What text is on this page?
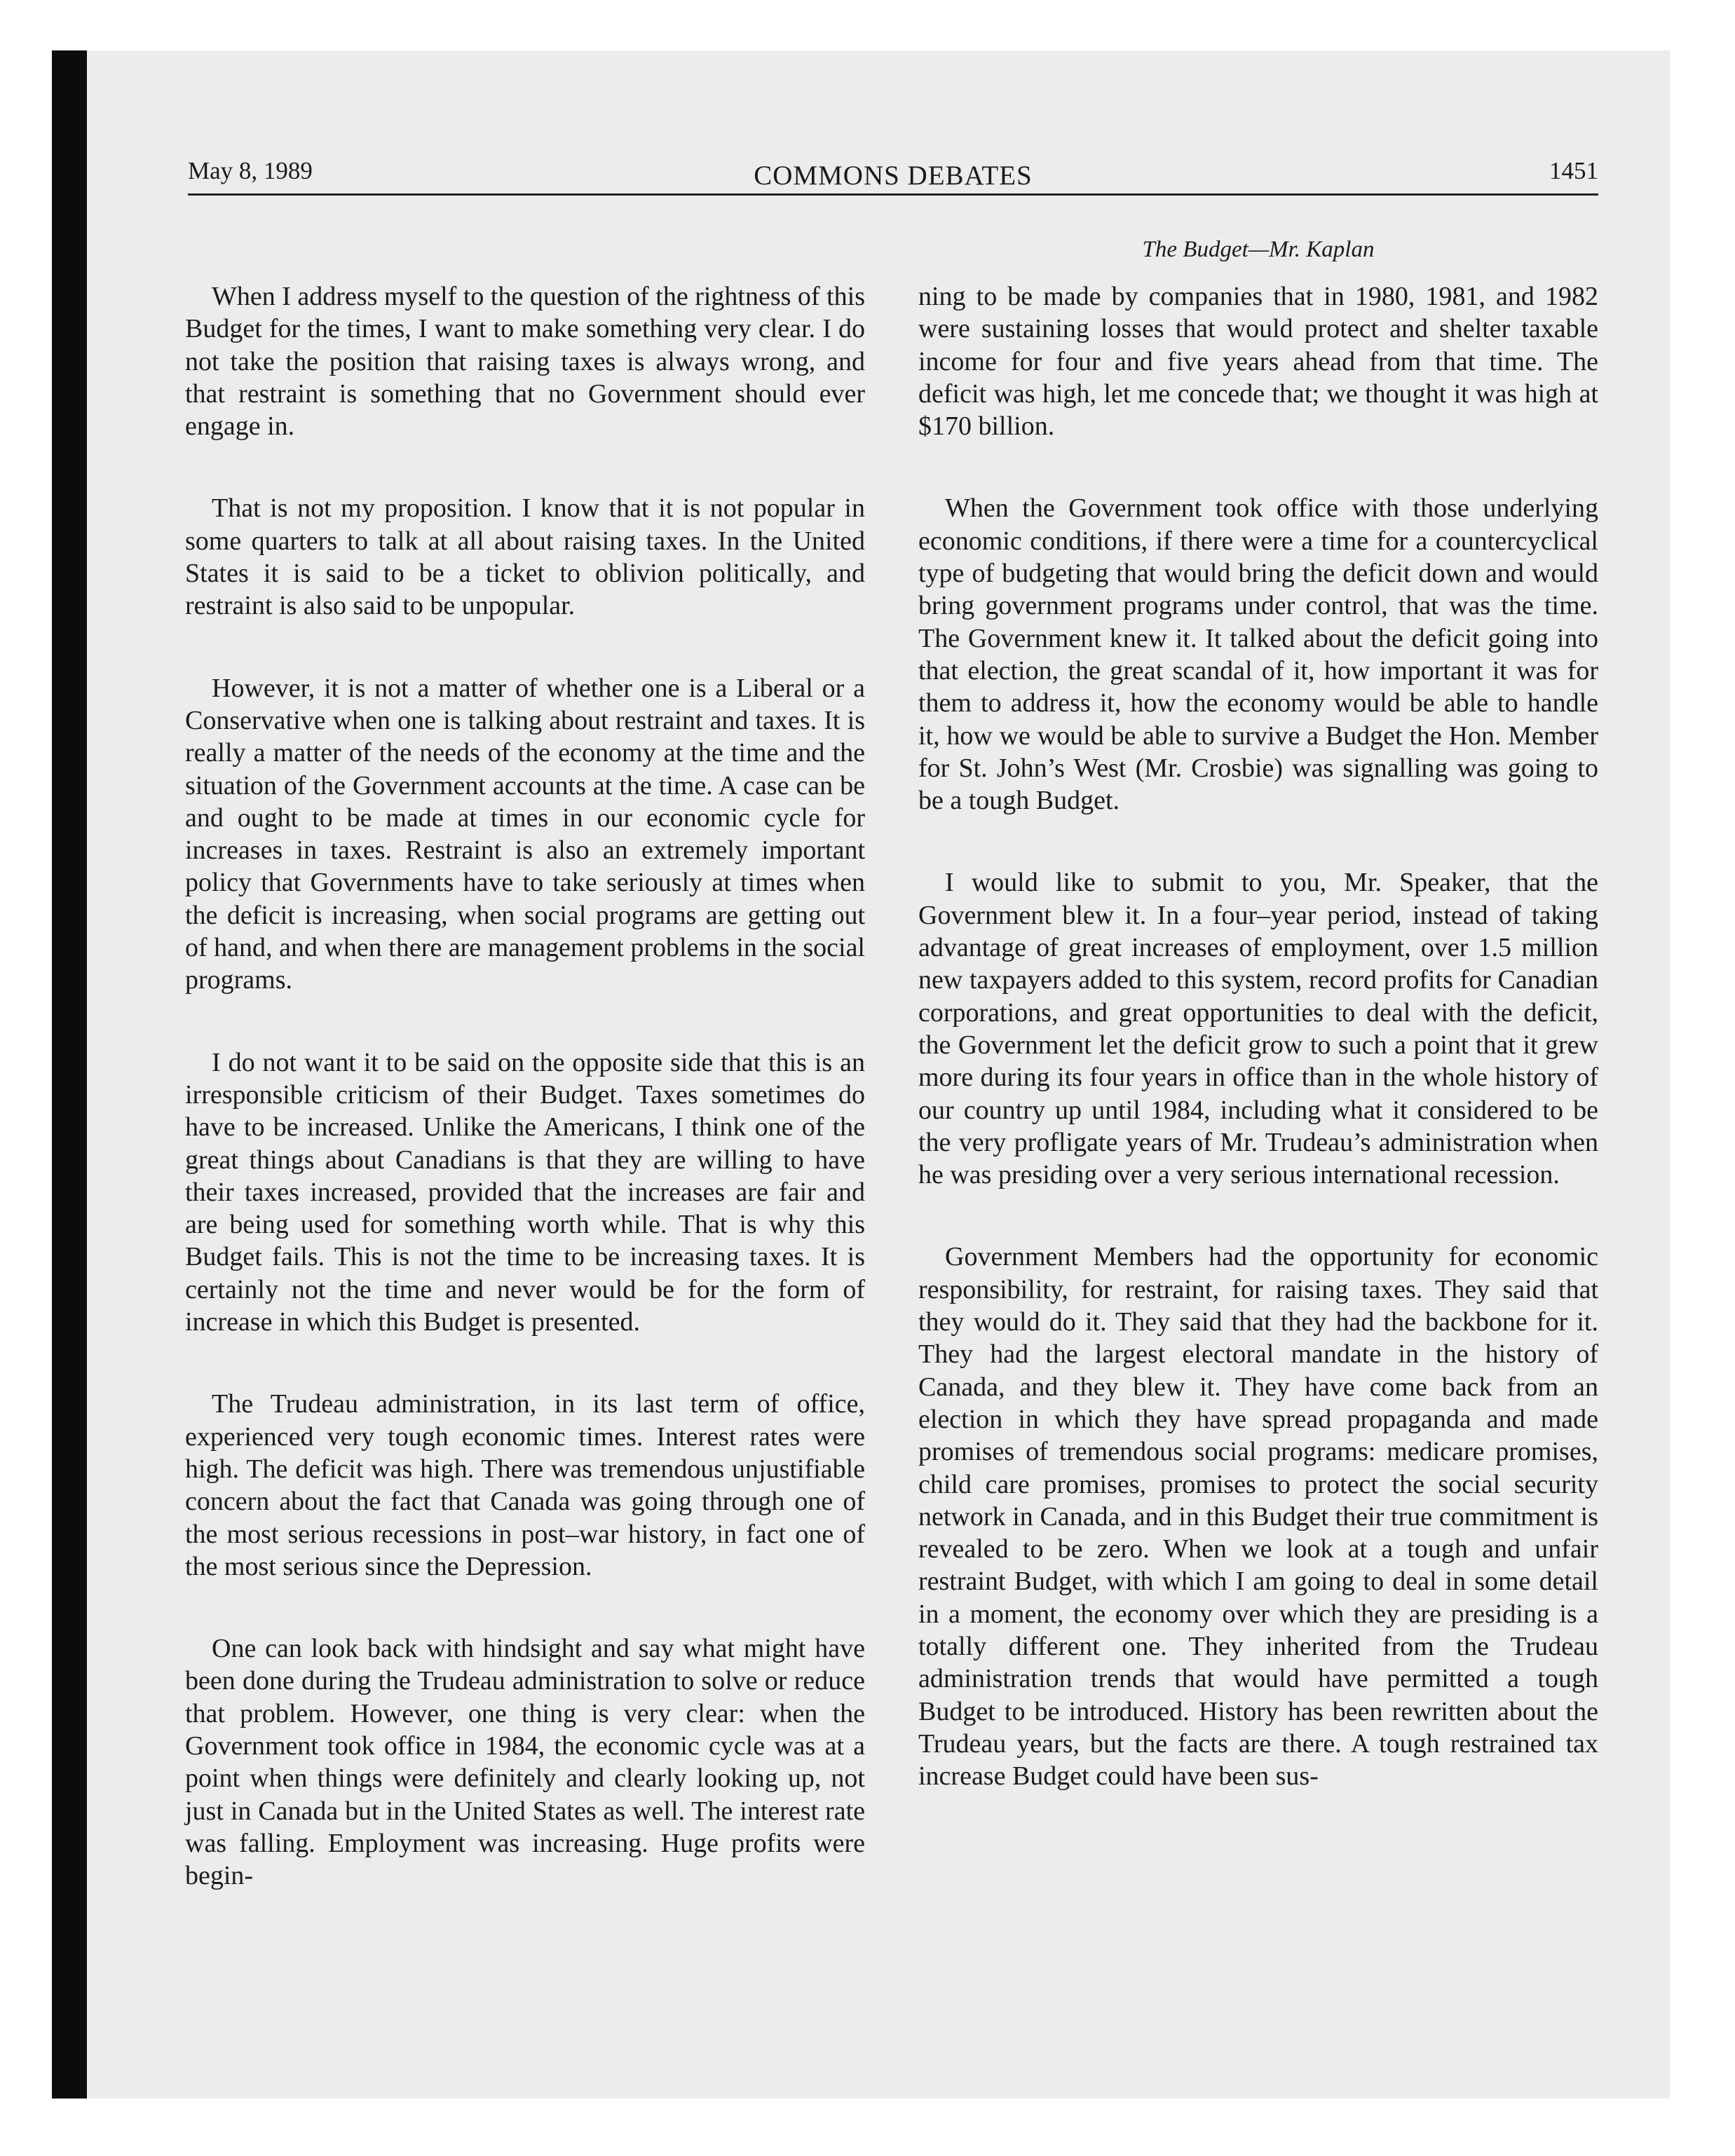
May 8, 1989	COMMONS DEBATES	1451
The Budget—Mr. Kaplan

When I address myself to the question of the rightness of this Budget for the times, I want to make something very clear. I do not take the position that raising taxes is always wrong, and that restraint is something that no Government should ever engage in.

That is not my proposition. I know that it is not popular in some quarters to talk at all about raising taxes. In the United States it is said to be a ticket to oblivion politically, and restraint is also said to be unpopular.

However, it is not a matter of whether one is a Liberal or a Conservative when one is talking about restraint and taxes. It is really a matter of the needs of the economy at the time and the situation of the Government accounts at the time. A case can be and ought to be made at times in our economic cycle for increases in taxes. Restraint is also an extremely important policy that Governments have to take seriously at times when the deficit is increasing, when social programs are getting out of hand, and when there are management problems in the social programs.

I do not want it to be said on the opposite side that this is an irresponsible criticism of their Budget. Taxes sometimes do have to be increased. Unlike the Americans, I think one of the great things about Canadians is that they are willing to have their taxes increased, provided that the increases are fair and are being used for something worth while. That is why this Budget fails. This is not the time to be increasing taxes. It is certainly not the time and never would be for the form of increase in which this Budget is presented.

The Trudeau administration, in its last term of office, experienced very tough economic times. Interest rates were high. The deficit was high. There was tremendous unjustifiable concern about the fact that Canada was going through one of the most serious recessions in post–war history, in fact one of the most serious since the Depression.

One can look back with hindsight and say what might have been done during the Trudeau administration to solve or reduce that problem. However, one thing is very clear: when the Government took office in 1984, the economic cycle was at a point when things were definitely and clearly looking up, not just in Canada but in the United States as well. The interest rate was falling. Employment was increasing. Huge profits were begin-

ning to be made by companies that in 1980, 1981, and 1982 were sustaining losses that would protect and shelter taxable income for four and five years ahead from that time. The deficit was high, let me concede that; we thought it was high at $170 billion.

When the Government took office with those underlying economic conditions, if there were a time for a countercyclical type of budgeting that would bring the deficit down and would bring government programs under control, that was the time. The Government knew it. It talked about the deficit going into that election, the great scandal of it, how important it was for them to address it, how the economy would be able to handle it, how we would be able to survive a Budget the Hon. Member for St. John’s West (Mr. Crosbie) was signalling was going to be a tough Budget.

I would like to submit to you, Mr. Speaker, that the Government blew it. In a four–year period, instead of taking advantage of great increases of employment, over 1.5 million new taxpayers added to this system, record profits for Canadian corporations, and great opportunities to deal with the deficit, the Government let the deficit grow to such a point that it grew more during its four years in office than in the whole history of our country up until 1984, including what it considered to be the very profligate years of Mr. Trudeau’s administration when he was presiding over a very serious international recession.

Government Members had the opportunity for economic responsibility, for restraint, for raising taxes. They said that they would do it. They said that they had the backbone for it. They had the largest electoral mandate in the history of Canada, and they blew it. They have come back from an election in which they have spread propaganda and made promises of tremendous social programs: medicare promises, child care promises, promises to protect the social security network in Canada, and in this Budget their true commitment is revealed to be zero. When we look at a tough and unfair restraint Budget, with which I am going to deal in some detail in a moment, the economy over which they are presiding is a totally different one. They inherited from the Trudeau administration trends that would have permitted a tough Budget to be introduced. History has been rewritten about the Trudeau years, but the facts are there. A tough restrained tax increase Budget could have been sus-
